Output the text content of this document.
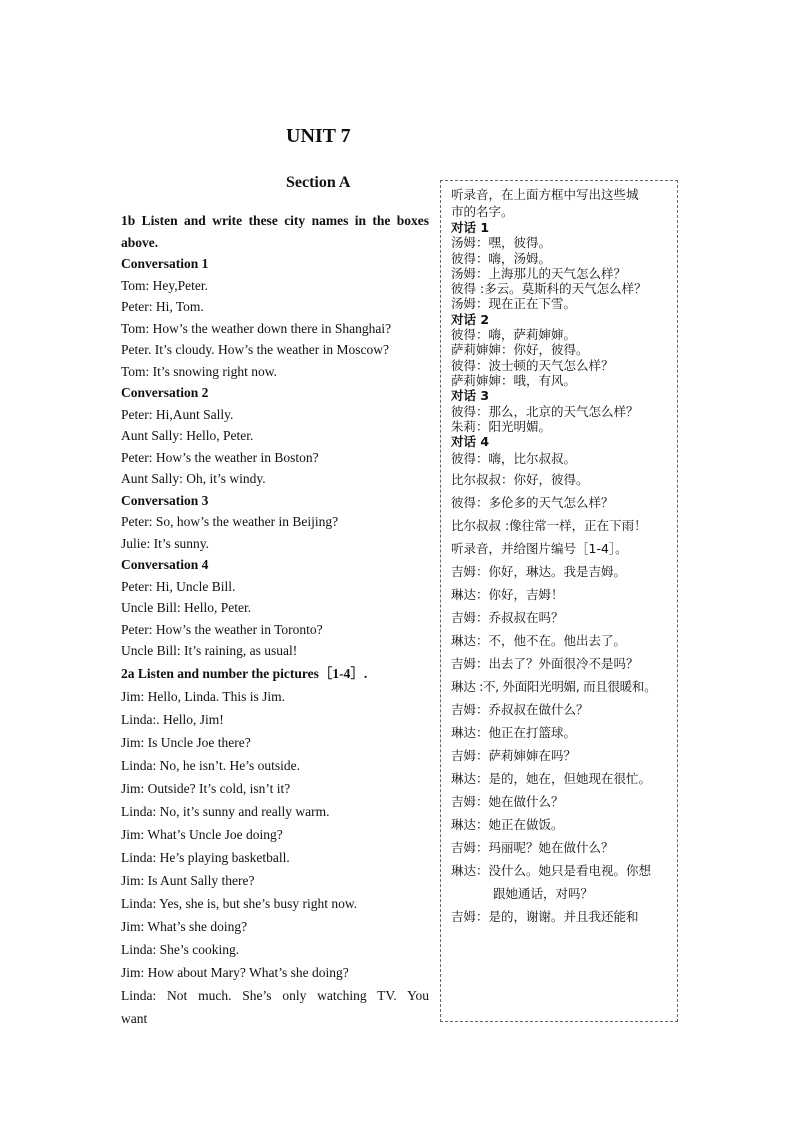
UNIT 7
Section A
1b Listen and write these city names in the boxes above.
Conversation 1
Tom: Hey,Peter.
Peter: Hi, Tom.
Tom: How’s the weather down there in Shanghai?
Peter. It’s cloudy. How’s the weather in Moscow?
Tom: It’s snowing right now.
Conversation 2
Peter: Hi,Aunt Sally.
Aunt Sally: Hello, Peter.
Peter: How’s the weather in Boston?
Aunt Sally: Oh, it’s windy.
Conversation 3
Peter: So, how’s the weather in Beijing?
Julie: It’s sunny.
Conversation 4
Peter: Hi, Uncle Bill.
Uncle Bill: Hello, Peter.
Peter: How’s the weather in Toronto?
Uncle Bill: It’s raining, as usual!
2a Listen and number the pictures［1-4］.
Jim: Hello, Linda. This is Jim.
Linda:. Hello, Jim!
Jim: Is Uncle Joe there?
Linda: No, he isn’t. He’s outside.
Jim: Outside? It’s cold, isn’t it?
Linda: No, it’s sunny and really warm.
Jim: What’s Uncle Joe doing?
Linda: He’s playing basketball.
Jim: Is Aunt Sally there?
Linda: Yes, she is, but she’s busy right now.
Jim: What’s she doing?
Linda: She’s cooking.
Jim: How about Mary? What’s she doing?
Linda: Not much. She’s only watching TV. You
want
听录音，在上面方框中写出这些城
市的名字。
对话 1
汤姆：嘿，彼得。
彼得：嗨，汤姆。
汤姆：上海那儿的天气怎么样？
彼得 :多云。莫斯科的天气怎么样？
汤姆：现在正在下雪。
对话 2
彼得：嗨，萨莉婶婶。
萨莉婶婶：你好，彼得。
彼得：波士顿的天气怎么样？
萨莉婶婶：哦，有风。
对话 3
彼得：那么，北京的天气怎么样？
朱莉：阳光明媚。
对话 4
彼得：嗨，比尔叔叔。
比尔叔叔：你好，彼得。
彼得：多伦多的天气怎么样？
比尔叔叔 :像往常一样，正在下雨！
听录音，并给图片编号［1-4］。
吉姆：你好，琳达。我是吉姆。
琳达：你好，吉姆！
吉姆：乔叔叔在吗？
琳达：不，他不在。他出去了。
吉姆：出去了？外面很冷不是吗？
琳达 :不, 外面阳光明媚, 而且很暖和。
吉姆：乔叔叔在做什么？
琳达：他正在打篮球。
吉姆：萨莉婶婶在吗？
琳达：是的，她在，但她现在很忙。
吉姆：她在做什么？
琳达：她正在做饭。
吉姆：玛丽呢？她在做什么？
琳达：没什么。她只是看电视。你想
跟她通话，对吗？
吉姆：是的，谢谢。并且我还能和
